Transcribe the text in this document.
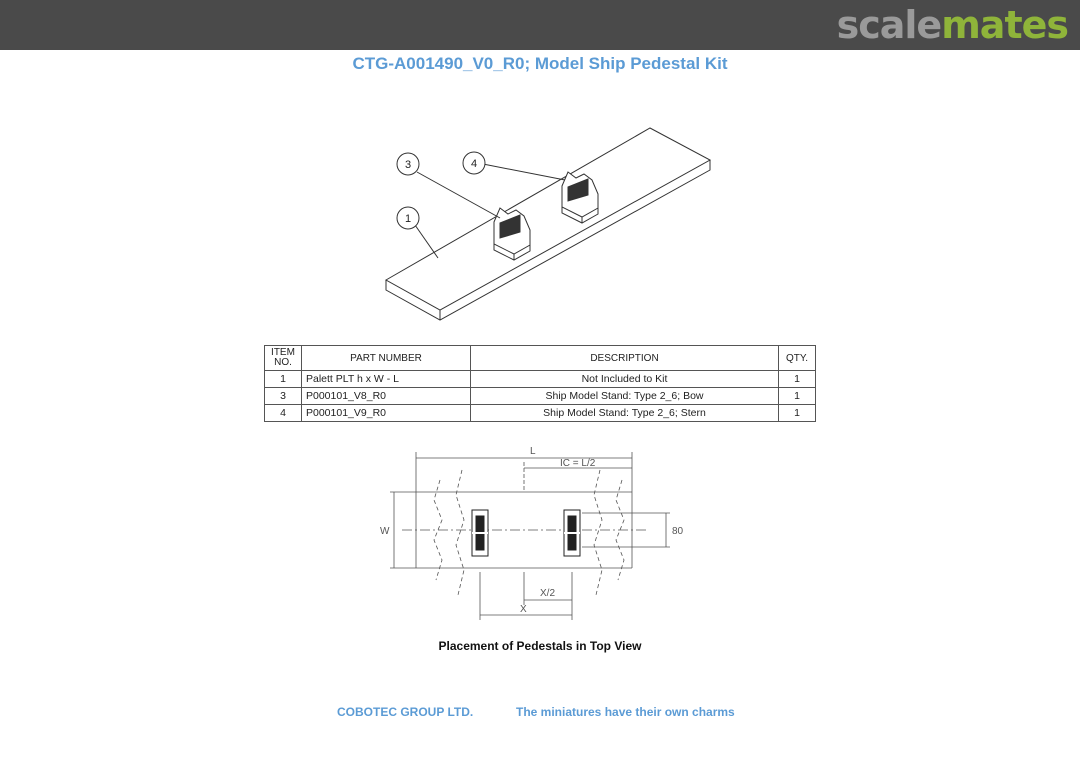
scalemates
CTG-A001490_V0_R0; Model Ship Pedestal Kit
3	4
1
ITEM NO.	PART NUMBER	DESCRIPTION	QTY.
1	Palett PLT h x W - L	Not Included to Kit	1
3	P000101_V8_R0	Ship Model Stand: Type 2_6; Bow	1
4	P000101_V9_R0	Ship Model Stand: Type 2_6; Stern	1
L
IC = L/2
W	80
X/2
X
Placement of Pedestals in Top View
COBOTEC GROUP LTD.	The miniatures have their own charms
